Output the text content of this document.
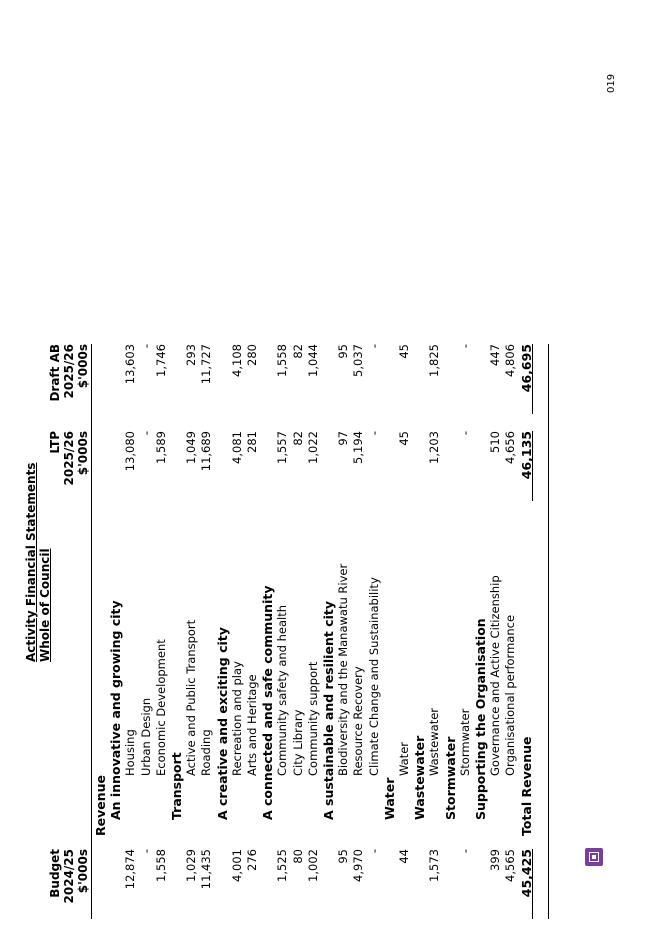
019
Activity Financial Statements Whole of Council
Budget 2024/25 $'000s
LTP 2025/26 $'000s
Draft AB 2025/26 $'000s
Revenue An innovative and growing city Housing
12,874
13,080
13,603
Urban Design
-
-
-
Economic Development
1,558
1,589
1,746
Transport
Active and Public Transport
1,029
1,049
293
Roading
11,435
11,689
11,727
A creative and exciting city Recreation and play
4,001
4,081
4,108
Arts and Heritage
276
281
280
A connected and safe community Community safety and health
1,525
1,557
1,558
City Library
80
82
82
Community support
1,002
1,022
1,044
A sustainable and resilient city Biodiversity and the Manawatu River
95
97
95
Resource Recovery
4,970
5,194
5,037
Climate Change and Sustainability
-
-
-
Water
Water
44
45
45
Wastewater Wastewater
1,573
1,203
1,825
Stormwater Stormwater
-
-
-
Supporting the Organisation Governance and Active Citizenship
399
510
447
Organisational performance
4,565
4,656
4,806
Total Revenue
45,425
46,135
46,695
